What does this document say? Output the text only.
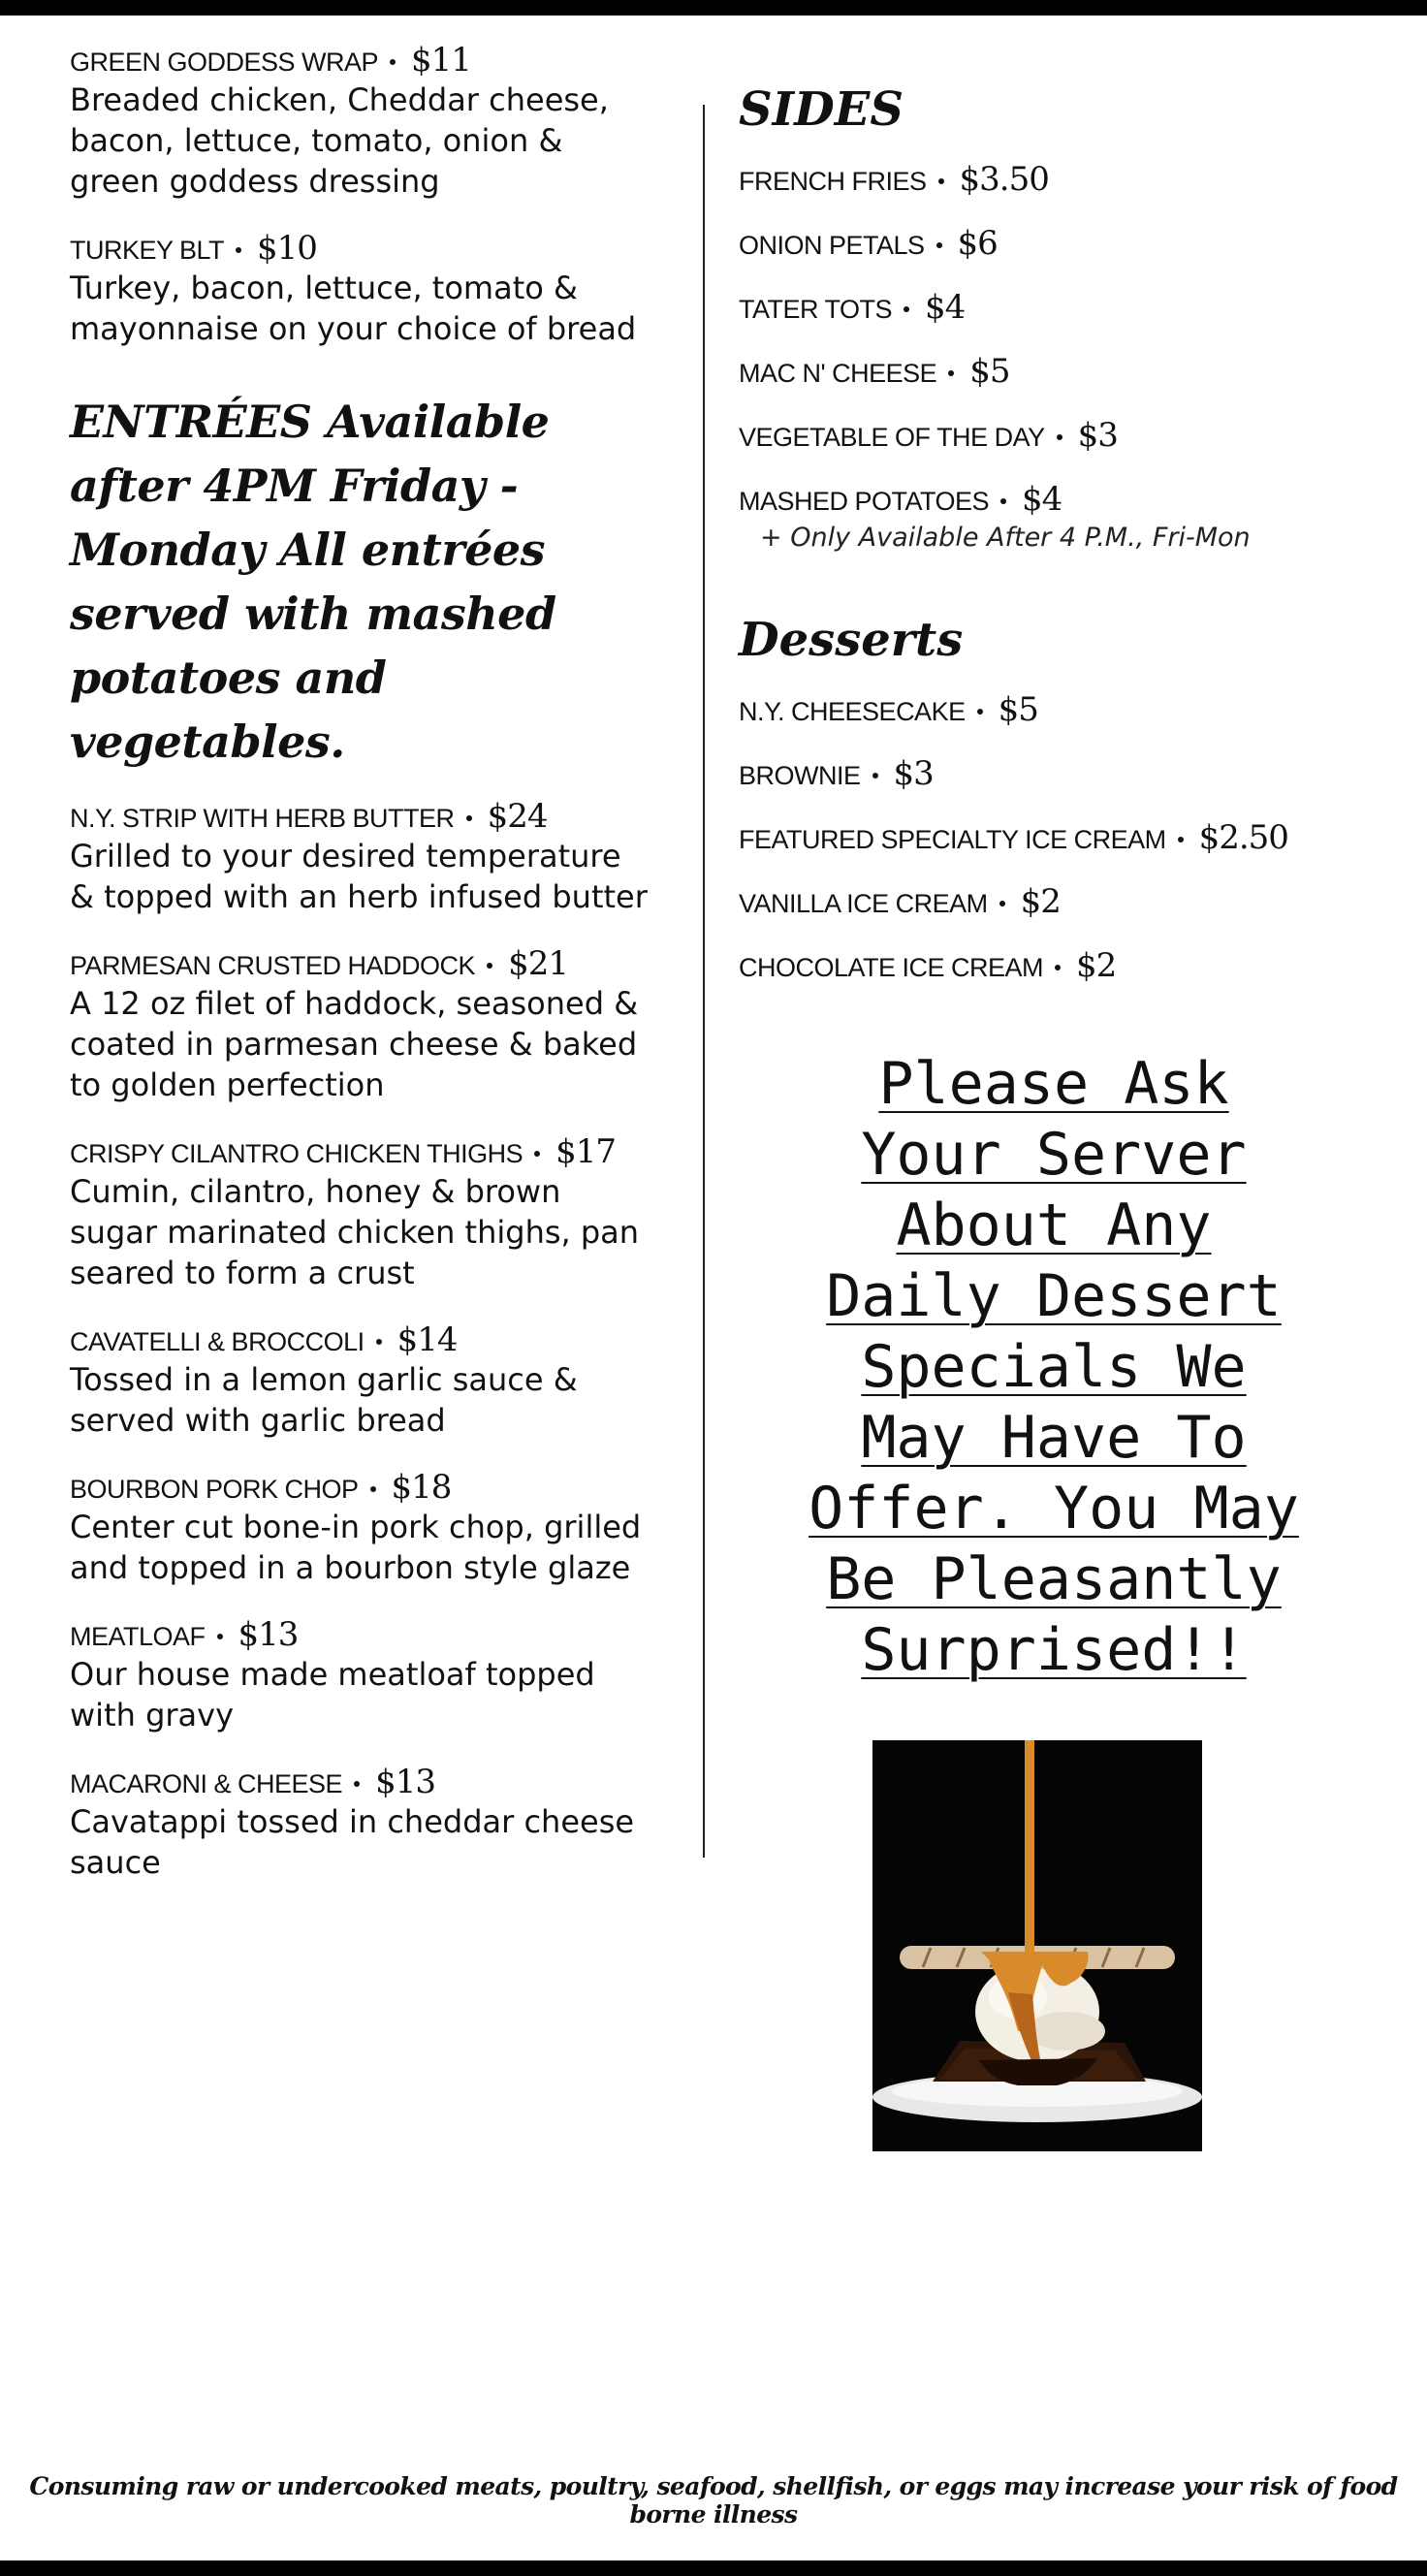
GREEN GODDESS WRAP $11
Breaded chicken, Cheddar cheese, bacon, lettuce, tomato, onion & green goddess dressing
TURKEY BLT $10
Turkey, bacon, lettuce, tomato & mayonnaise on your choice of bread
ENTRÉES Available after 4PM Friday - Monday All entrées served with mashed potatoes and vegetables.
N.Y. STRIP WITH HERB BUTTER $24
Grilled to your desired temperature & topped with an herb infused butter
PARMESAN CRUSTED HADDOCK $21
A 12 oz filet of haddock, seasoned & coated in parmesan cheese & baked to golden perfection
CRISPY CILANTRO CHICKEN THIGHS $17
Cumin, cilantro, honey & brown sugar marinated chicken thighs, pan seared to form a crust
CAVATELLI & BROCCOLI $14
Tossed in a lemon garlic sauce & served with garlic bread
BOURBON PORK CHOP $18
Center cut bone-in pork chop, grilled and topped in a bourbon style glaze
MEATLOAF $13
Our house made meatloaf topped with gravy
MACARONI & CHEESE $13
Cavatappi tossed in cheddar cheese sauce
SIDES
FRENCH FRIES $3.50
ONION PETALS $6
TATER TOTS $4
MAC N' CHEESE $5
VEGETABLE OF THE DAY $3
MASHED POTATOES $4
+ Only Available After 4 P.M., Fri-Mon
Desserts
N.Y. CHEESECAKE $5
BROWNIE $3
FEATURED SPECIALTY ICE CREAM $2.50
VANILLA ICE CREAM $2
CHOCOLATE ICE CREAM $2
Please Ask
Your Server
About Any
Daily Dessert
Specials We
May Have To
Offer. You May
Be Pleasantly
Surprised!!
Consuming raw or undercooked meats, poultry, seafood, shellfish, or eggs may increase your risk of food borne illness
